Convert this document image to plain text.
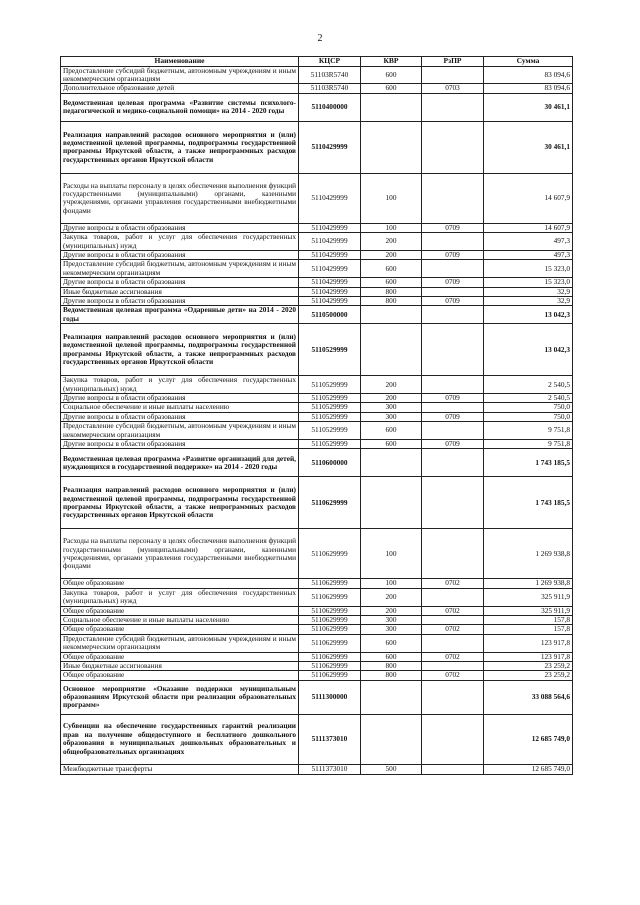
2
Наименование	КЦСР	КВР	РзПР	Сумма
Предоставление субсидий бюджетным, автономным учреждениям и иным некоммерческим организациям	51103R5740	600		83 094,6
Дополнительное образование детей	51103R5740	600	0703	83 094,6
Ведомственная целевая программа «Развитие системы психолого-педагогической и медико-социальной помощи» на 2014 - 2020 годы	5110400000			30 461,1
Реализация направлений расходов основного мероприятия и (или) ведомственной целевой программы, подпрограммы государственной программы Иркутской области, а также непрограммных расходов государственных органов Иркутской области	5110429999			30 461,1
Расходы на выплаты персоналу в целях обеспечения выполнения функций государственными (муниципальными) органами, казенными учреждениями, органами управления государственными внебюджетными фондами	5110429999	100		14 607,9
Другие вопросы в области образования	5110429999	100	0709	14 607,9
Закупка товаров, работ и услуг для обеспечения государственных (муниципальных) нужд	5110429999	200		497,3
Другие вопросы в области образования	5110429999	200	0709	497,3
Предоставление субсидий бюджетным, автономным учреждениям и иным некоммерческим организациям	5110429999	600		15 323,0
Другие вопросы в области образования	5110429999	600	0709	15 323,0
Иные бюджетные ассигнования	5110429999	800		32,9
Другие вопросы в области образования	5110429999	800	0709	32,9
Ведомственная целевая программа «Одаренные дети» на 2014 - 2020 годы	5110500000			13 042,3
Реализация направлений расходов основного мероприятия и (или) ведомственной целевой программы, подпрограммы государственной программы Иркутской области, а также непрограммных расходов государственных органов Иркутской области	5110529999			13 042,3
Закупка товаров, работ и услуг для обеспечения государственных (муниципальных) нужд	5110529999	200		2 540,5
Другие вопросы в области образования	5110529999	200	0709	2 540,5
Социальное обеспечение и иные выплаты населению	5110529999	300		750,0
Другие вопросы в области образования	5110529999	300	0709	750,0
Предоставление субсидий бюджетным, автономным учреждениям и иным некоммерческим организациям	5110529999	600		9 751,8
Другие вопросы в области образования	5110529999	600	0709	9 751,8
Ведомственная целевая программа «Развитие организаций для детей, нуждающихся в государственной поддержке» на 2014 - 2020 годы	5110600000			1 743 185,5
Реализация направлений расходов основного мероприятия и (или) ведомственной целевой программы, подпрограммы государственной программы Иркутской области, а также непрограммных расходов государственных органов Иркутской области	5110629999			1 743 185,5
Расходы на выплаты персоналу в целях обеспечения выполнения функций государственными (муниципальными) органами, казенными учреждениями, органами управления государственными внебюджетными фондами	5110629999	100		1 269 938,8
Общее образование	5110629999	100	0702	1 269 938,8
Закупка товаров, работ и услуг для обеспечения государственных (муниципальных) нужд	5110629999	200		325 911,9
Общее образование	5110629999	200	0702	325 911,9
Социальное обеспечение и иные выплаты населению	5110629999	300		157,8
Общее образование	5110629999	300	0702	157,8
Предоставление субсидий бюджетным, автономным учреждениям и иным некоммерческим организациям	5110629999	600		123 917,8
Общее образование	5110629999	600	0702	123 917,8
Иные бюджетные ассигнования	5110629999	800		23 259,2
Общее образование	5110629999	800	0702	23 259,2
Основное мероприятие «Оказание поддержки муниципальным образованиям Иркутской области при реализации образовательных программ»	5111300000			33 088 564,6
Субвенции на обеспечение государственных гарантий реализации прав на получение общедоступного и бесплатного дошкольного образования в муниципальных дошкольных образовательных и общеобразовательных организациях	5111373010			12 685 749,0
Межбюджетные трансферты	5111373010	500		12 685 749,0
